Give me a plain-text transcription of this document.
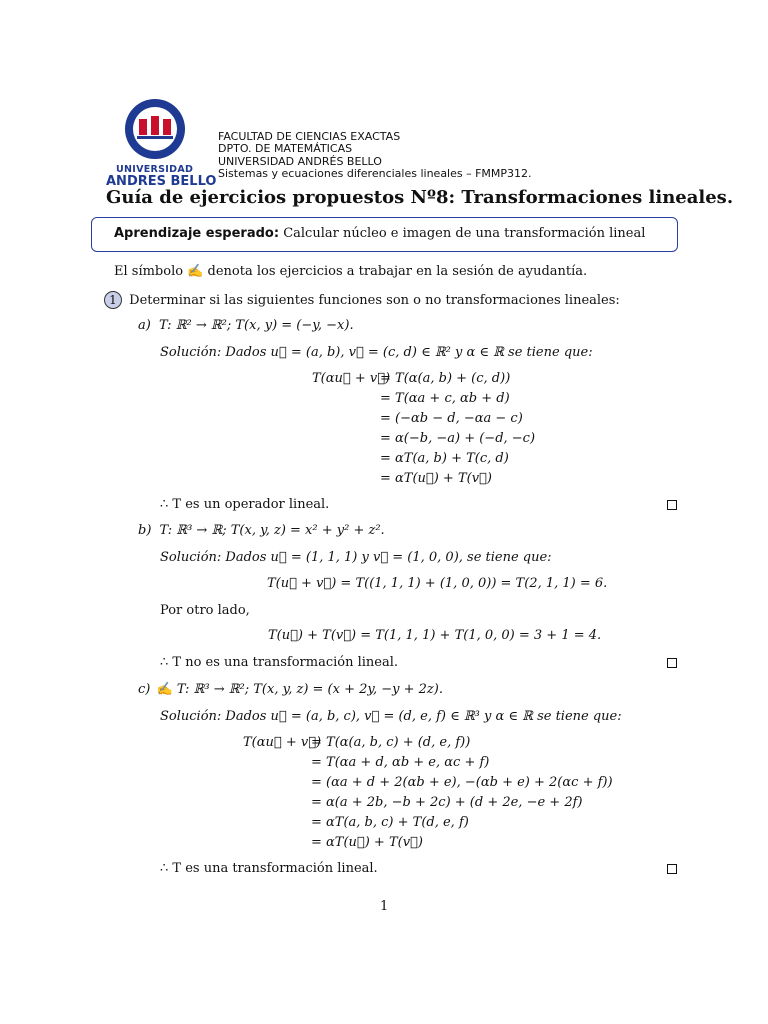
UNIVERSIDAD
ANDRES BELLO
FACULTAD DE CIENCIAS EXACTAS
DPTO. DE MATEMÁTICAS
UNIVERSIDAD ANDRÉS BELLO
Sistemas y ecuaciones diferenciales lineales – FMMP312.
Guía de ejercicios propuestos Nº8: Transformaciones lineales.
Aprendizaje esperado: Calcular núcleo e imagen de una transformación lineal
El símbolo ✍ denota los ejercicios a trabajar en la sesión de ayudantía.
1 Determinar si las siguientes funciones son o no transformaciones lineales:
a) T: ℝ² → ℝ²; T(x, y) = (−y, −x).
Solución: Dados u⃗ = (a, b), v⃗ = (c, d) ∈ ℝ² y α ∈ ℝ se tiene que:
T(αu⃗ + v⃗)
= T(α(a, b) + (c, d))
= T(αa + c, αb + d)
= (−αb − d, −αa − c)
= α(−b, −a) + (−d, −c)
= αT(a, b) + T(c, d)
= αT(u⃗) + T(v⃗)
∴ T es un operador lineal.
b) T: ℝ³ → ℝ; T(x, y, z) = x² + y² + z².
Solución: Dados u⃗ = (1, 1, 1) y v⃗ = (1, 0, 0), se tiene que:
T(u⃗ + v⃗) = T((1, 1, 1) + (1, 0, 0)) = T(2, 1, 1) = 6.
Por otro lado,
T(u⃗) + T(v⃗) = T(1, 1, 1) + T(1, 0, 0) = 3 + 1 = 4.
∴ T no es una transformación lineal.
c) ✍ T: ℝ³ → ℝ²; T(x, y, z) = (x + 2y, −y + 2z).
Solución: Dados u⃗ = (a, b, c), v⃗ = (d, e, f) ∈ ℝ³ y α ∈ ℝ se tiene que:
T(αu⃗ + v⃗)
= T(α(a, b, c) + (d, e, f))
= T(αa + d, αb + e, αc + f)
= (αa + d + 2(αb + e), −(αb + e) + 2(αc + f))
= α(a + 2b, −b + 2c) + (d + 2e, −e + 2f)
= αT(a, b, c) + T(d, e, f)
= αT(u⃗) + T(v⃗)
∴ T es una transformación lineal.
1
